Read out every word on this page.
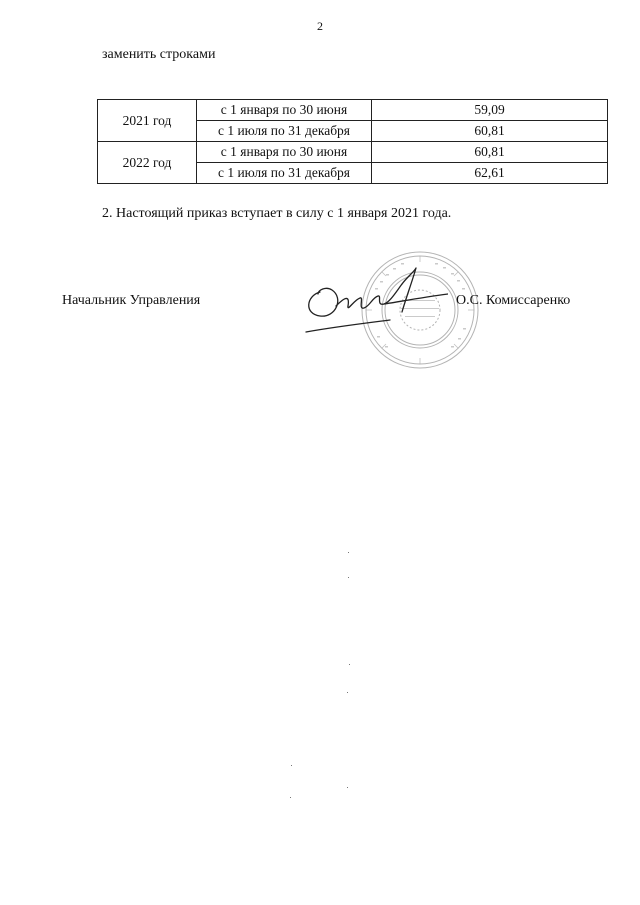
2
заменить строками
2021 год	с 1 января по 30 июня	59,09
	с 1 июля по 31 декабря	60,81
2022 год	с 1 января по 30 июня	60,81
	с 1 июля по 31 декабря	62,61
2. Настоящий приказ вступает в силу с 1 января 2021 года.
Начальник Управления	О.С. Комиссаренко
